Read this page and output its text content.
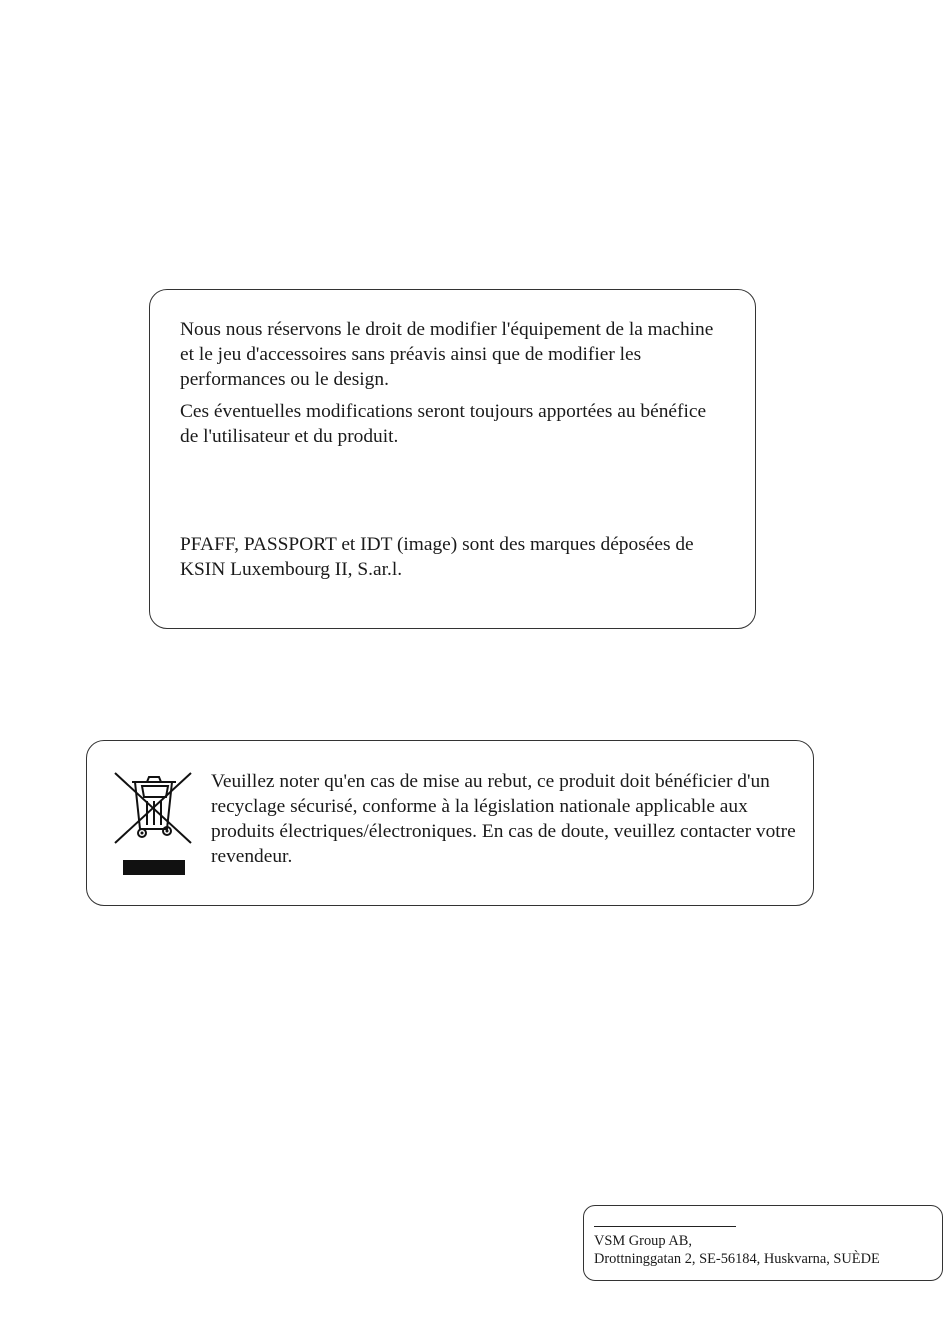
Nous nous réservons le droit de modifier l'équipement de la machine et le jeu d'accessoires sans préavis ainsi que de modifier les performances ou le design.

Ces éventuelles modifications seront toujours apportées au bénéfice de l'utilisateur et du produit.

PFAFF, PASSPORT et IDT (image) sont des marques déposées de KSIN Luxembourg II, S.ar.l.

Veuillez noter qu'en cas de mise au rebut, ce produit doit bénéficier d'un recyclage sécurisé, conforme à la législation nationale applicable aux produits électriques/électroniques. En cas de doute, veuillez contacter votre revendeur.

VSM Group AB,
Drottninggatan 2, SE-56184, Huskvarna, SUÈDE
